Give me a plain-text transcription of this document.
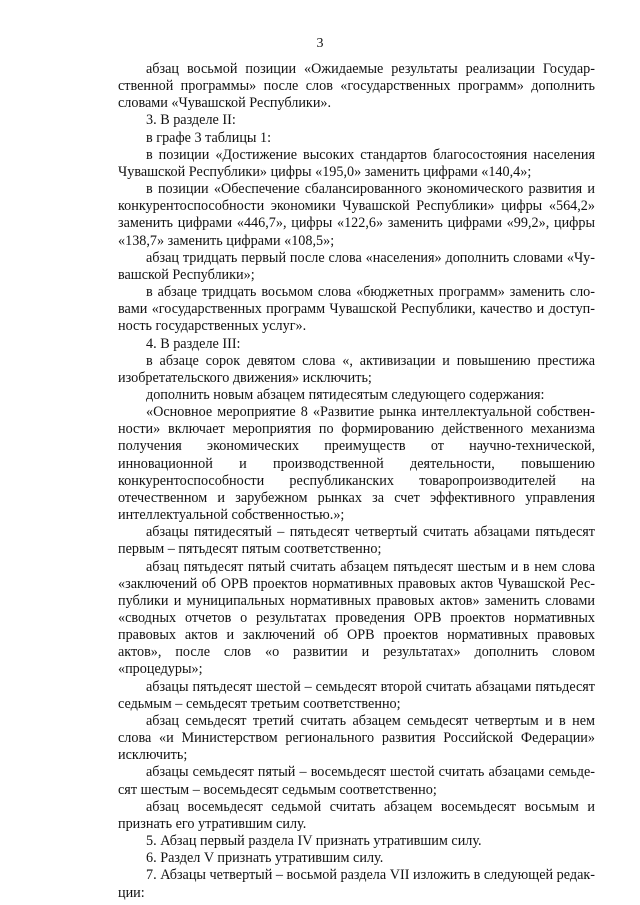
3

абзац восьмой позиции «Ожидаемые результаты реализации Государственной программы» после слов «государственных программ» дополнить словами «Чувашской Республики».

3. В разделе II:

в графе 3 таблицы 1:

в позиции «Достижение высоких стандартов благосостояния населения Чувашской Республики» цифры «195,0» заменить цифрами «140,4»;

в позиции «Обеспечение сбалансированного экономического развития и конкурентоспособности экономики Чувашской Республики» цифры «564,2» заменить цифрами «446,7», цифры «122,6» заменить цифрами «99,2», цифры «138,7» заменить цифрами «108,5»;

абзац тридцать первый после слова «населения» дополнить словами «Чувашской Республики»;

в абзаце тридцать восьмом слова «бюджетных программ» заменить словами «государственных программ Чувашской Республики, качество и доступность государственных услуг».

4. В разделе III:

в абзаце сорок девятом слова «, активизации и повышению престижа изобретательского движения» исключить;

дополнить новым абзацем пятидесятым следующего содержания:

«Основное мероприятие 8 «Развитие рынка интеллектуальной собственности» включает мероприятия по формированию действенного механизма получения экономических преимуществ от научно-технической, инновационной и производственной деятельности, повышению конкурентоспособности республиканских товаропроизводителей на отечественном и зарубежном рынках за счет эффективного управления интеллектуальной собственностью.»;

абзацы пятидесятый – пятьдесят четвертый считать абзацами пятьдесят первым – пятьдесят пятым соответственно;

абзац пятьдесят пятый считать абзацем пятьдесят шестым и в нем слова «заключений об ОРВ проектов нормативных правовых актов Чувашской Республики и муниципальных нормативных правовых актов» заменить словами «сводных отчетов о результатах проведения ОРВ проектов нормативных правовых актов и заключений об ОРВ проектов нормативных правовых актов», после слов «о развитии и результатах» дополнить словом «процедуры»;

абзацы пятьдесят шестой – семьдесят второй считать абзацами пятьдесят седьмым – семьдесят третьим соответственно;

абзац семьдесят третий считать абзацем семьдесят четвертым и в нем слова «и Министерством регионального развития Российской Федерации» исключить;

абзацы семьдесят пятый – восемьдесят шестой считать абзацами семьдесят шестым – восемьдесят седьмым соответственно;

абзац восемьдесят седьмой считать абзацем восемьдесят восьмым и признать его утратившим силу.

5. Абзац первый раздела IV признать утратившим силу.

6. Раздел V признать утратившим силу.

7. Абзацы четвертый – восьмой раздела VII изложить в следующей редакции:
